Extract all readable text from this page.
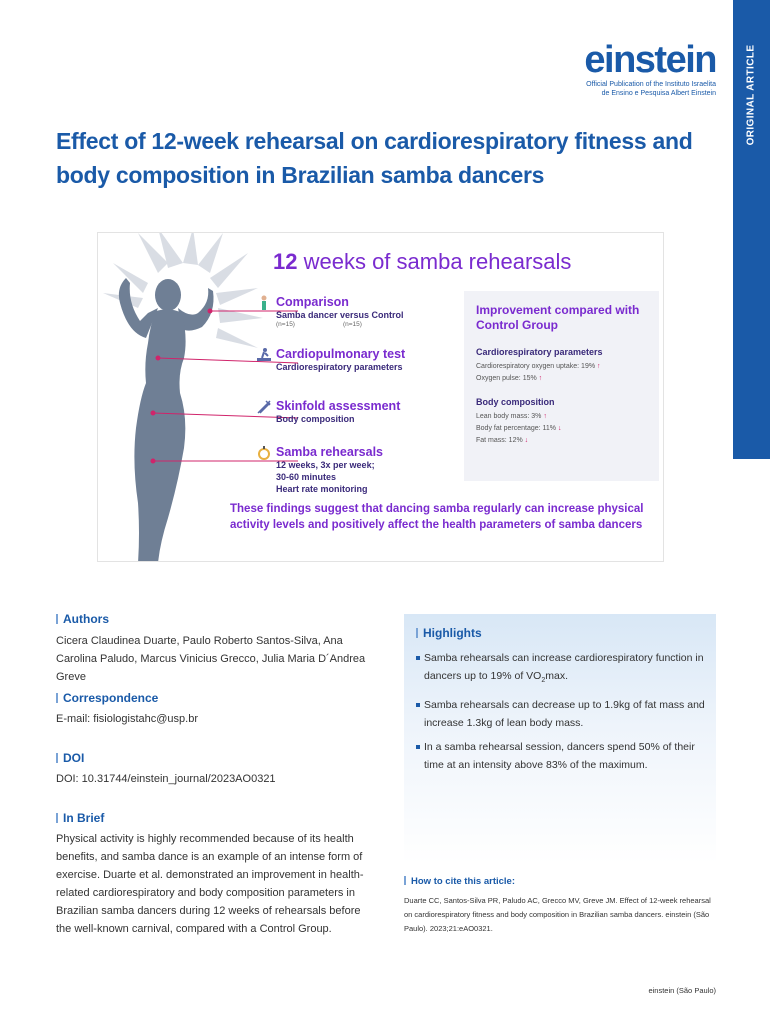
ORIGINAL ARTICLE
einstein
Official Publication of the Instituto Israelita
de Ensino e Pesquisa Albert Einstein
Effect of 12-week rehearsal on cardiorespiratory fitness and body composition in Brazilian samba dancers
12 weeks of samba rehearsals
Comparison
Samba dancer versus Control
(n=15)	(n=15)
Cardiopulmonary test
Cardiorespiratory parameters
Skinfold assessment
Body composition
Samba rehearsals
12 weeks, 3x per week;
30-60 minutes
Heart rate monitoring
Improvement compared with Control Group
Cardiorespiratory parameters
Cardiorespiratory oxygen uptake: 19% ↑
Oxygen pulse: 15% ↑
Body composition
Lean body mass: 3% ↑
Body fat percentage: 11% ↓
Fat mass: 12% ↓
These findings suggest that dancing samba regularly can increase physical activity levels and positively affect the health parameters of samba dancers
Authors
Cicera Claudinea Duarte, Paulo Roberto Santos-Silva, Ana Carolina Paludo, Marcus Vinicius Grecco, Julia Maria D´Andrea Greve
Correspondence
E-mail: fisiologistahc@usp.br
DOI
DOI: 10.31744/einstein_journal/2023AO0321
In Brief
Physical activity is highly recommended because of its health benefits, and samba dance is an example of an intense form of exercise. Duarte et al. demonstrated an improvement in health-related cardiorespiratory and body composition parameters in Brazilian samba dancers during 12 weeks of rehearsals before the well-known carnival, compared with a Control Group.
Highlights
Samba rehearsals can increase cardiorespiratory function in dancers up to 19% of $VO_2\max$.
Samba rehearsals can decrease up to 1.9kg of fat mass and increase 1.3kg of lean body mass.
In a samba rehearsal session, dancers spend 50% of their time at an intensity above 83% of the maximum.
How to cite this article:
Duarte CC, Santos-Silva PR, Paludo AC, Grecco MV, Greve JM. Effect of 12-week rehearsal on cardiorespiratory fitness and body composition in Brazilian samba dancers. einstein (São Paulo). 2023;21:eAO0321.
einstein (São Paulo)
